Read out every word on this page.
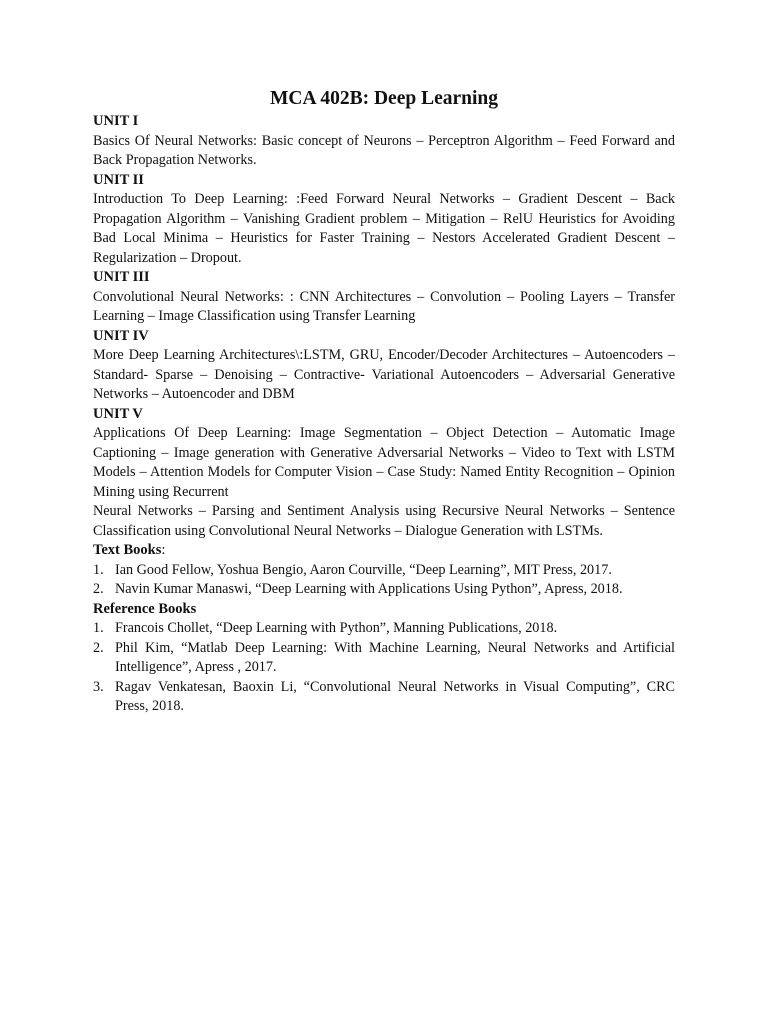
MCA 402B: Deep Learning
UNIT I

Basics Of Neural Networks: Basic concept of Neurons – Perceptron Algorithm – Feed Forward and Back Propagation Networks.

UNIT II

Introduction To Deep Learning: :Feed Forward Neural Networks – Gradient Descent – Back Propagation Algorithm – Vanishing Gradient problem – Mitigation – RelU Heuristics for Avoiding Bad Local Minima – Heuristics for Faster Training – Nestors Accelerated Gradient Descent – Regularization – Dropout.

UNIT III

Convolutional Neural Networks: : CNN Architectures – Convolution – Pooling Layers – Transfer Learning – Image Classification using Transfer Learning

UNIT IV

More Deep Learning Architectures\:LSTM, GRU, Encoder/Decoder Architectures – Autoencoders – Standard- Sparse – Denoising – Contractive- Variational Autoencoders – Adversarial Generative Networks – Autoencoder and DBM

UNIT V

Applications Of Deep Learning: Image Segmentation – Object Detection – Automatic Image Captioning – Image generation with Generative Adversarial Networks – Video to Text with LSTM Models – Attention Models for Computer Vision – Case Study: Named Entity Recognition – Opinion Mining using Recurrent

Neural Networks – Parsing and Sentiment Analysis using Recursive Neural Networks – Sentence Classification using Convolutional Neural Networks – Dialogue Generation with LSTMs.

Text Books:
1. Ian Good Fellow, Yoshua Bengio, Aaron Courville, “Deep Learning”, MIT Press, 2017.
2. Navin Kumar Manaswi, “Deep Learning with Applications Using Python”, Apress, 2018.
Reference Books
1. Francois Chollet, “Deep Learning with Python”, Manning Publications, 2018.
2. Phil Kim, “Matlab Deep Learning: With Machine Learning, Neural Networks and Artificial Intelligence”, Apress , 2017.
3. Ragav Venkatesan, Baoxin Li, “Convolutional Neural Networks in Visual Computing”, CRC Press, 2018.
